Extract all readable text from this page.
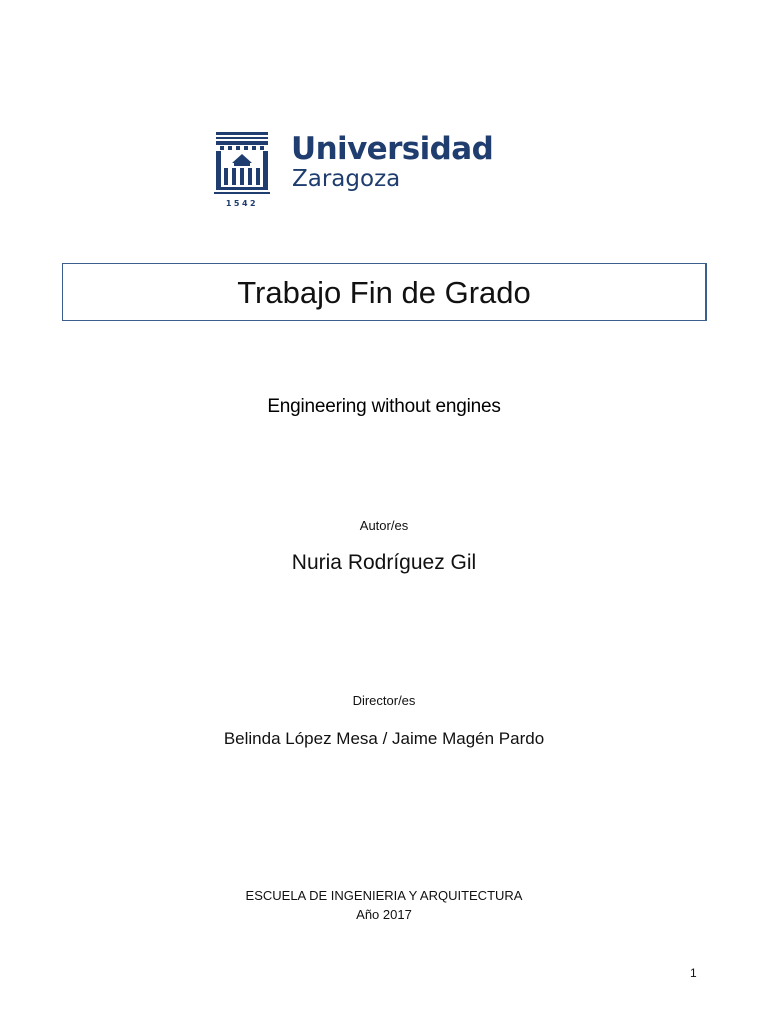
1542
Universidad
Zaragoza
Trabajo Fin de Grado
Engineering without engines
Autor/es
Nuria Rodríguez Gil
Director/es
Belinda López Mesa / Jaime Magén Pardo
ESCUELA DE INGENIERIA Y ARQUITECTURA
Año 2017
1
